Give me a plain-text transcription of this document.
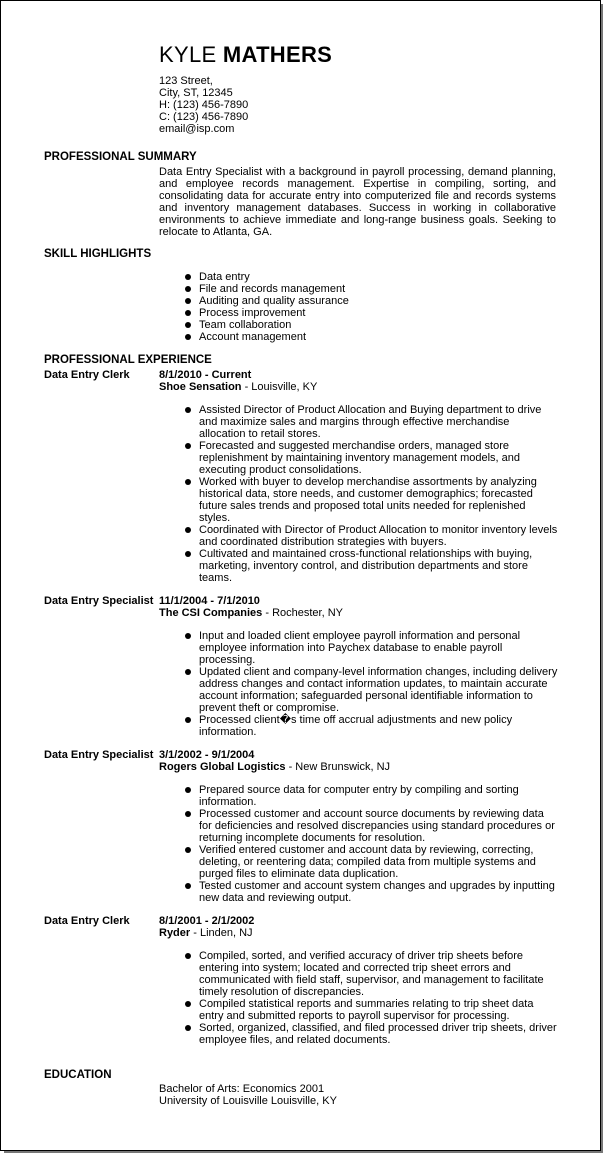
KYLE MATHERS
123 Street,
City, ST, 12345
H: (123) 456-7890
C: (123) 456-7890
email@isp.com
PROFESSIONAL SUMMARY
Data Entry Specialist with a background in payroll processing, demand planning, and employee records management. Expertise in compiling, sorting, and consolidating data for accurate entry into computerized file and records systems and inventory management databases. Success in working in collaborative environments to achieve immediate and long-range business goals. Seeking to relocate to Atlanta, GA.
SKILL HIGHLIGHTS
Data entry
File and records management
Auditing and quality assurance
Process improvement
Team collaboration
Account management
PROFESSIONAL EXPERIENCE
Data Entry Clerk	8/1/2010 - Current
Shoe Sensation - Louisville, KY
Assisted Director of Product Allocation and Buying department to drive and maximize sales and margins through effective merchandise allocation to retail stores.
Forecasted and suggested merchandise orders, managed store replenishment by maintaining inventory management models, and executing product consolidations.
Worked with buyer to develop merchandise assortments by analyzing historical data, store needs, and customer demographics; forecasted future sales trends and proposed total units needed for replenished styles.
Coordinated with Director of Product Allocation to monitor inventory levels and coordinated distribution strategies with buyers.
Cultivated and maintained cross-functional relationships with buying, marketing, inventory control, and distribution departments and store teams.
Data Entry Specialist 11/1/2004 - 7/1/2010
The CSI Companies - Rochester, NY
Input and loaded client employee payroll information and personal employee information into Paychex database to enable payroll processing.
Updated client and company-level information changes, including delivery address changes and contact information updates, to maintain accurate account information; safeguarded personal identifiable information to prevent theft or compromise.
Processed client�s time off accrual adjustments and new policy information.
Data Entry Specialist 3/1/2002 - 9/1/2004
Rogers Global Logistics - New Brunswick, NJ
Prepared source data for computer entry by compiling and sorting information.
Processed customer and account source documents by reviewing data for deficiencies and resolved discrepancies using standard procedures or returning incomplete documents for resolution.
Verified entered customer and account data by reviewing, correcting, deleting, or reentering data; compiled data from multiple systems and purged files to eliminate data duplication.
Tested customer and account system changes and upgrades by inputting new data and reviewing output.
Data Entry Clerk	8/1/2001 - 2/1/2002
Ryder - Linden, NJ
Compiled, sorted, and verified accuracy of driver trip sheets before entering into system; located and corrected trip sheet errors and communicated with field staff, supervisor, and management to facilitate timely resolution of discrepancies.
Compiled statistical reports and summaries relating to trip sheet data entry and submitted reports to payroll supervisor for processing.
Sorted, organized, classified, and filed processed driver trip sheets, driver employee files, and related documents.
EDUCATION
Bachelor of Arts: Economics 2001
University of Louisville Louisville, KY
